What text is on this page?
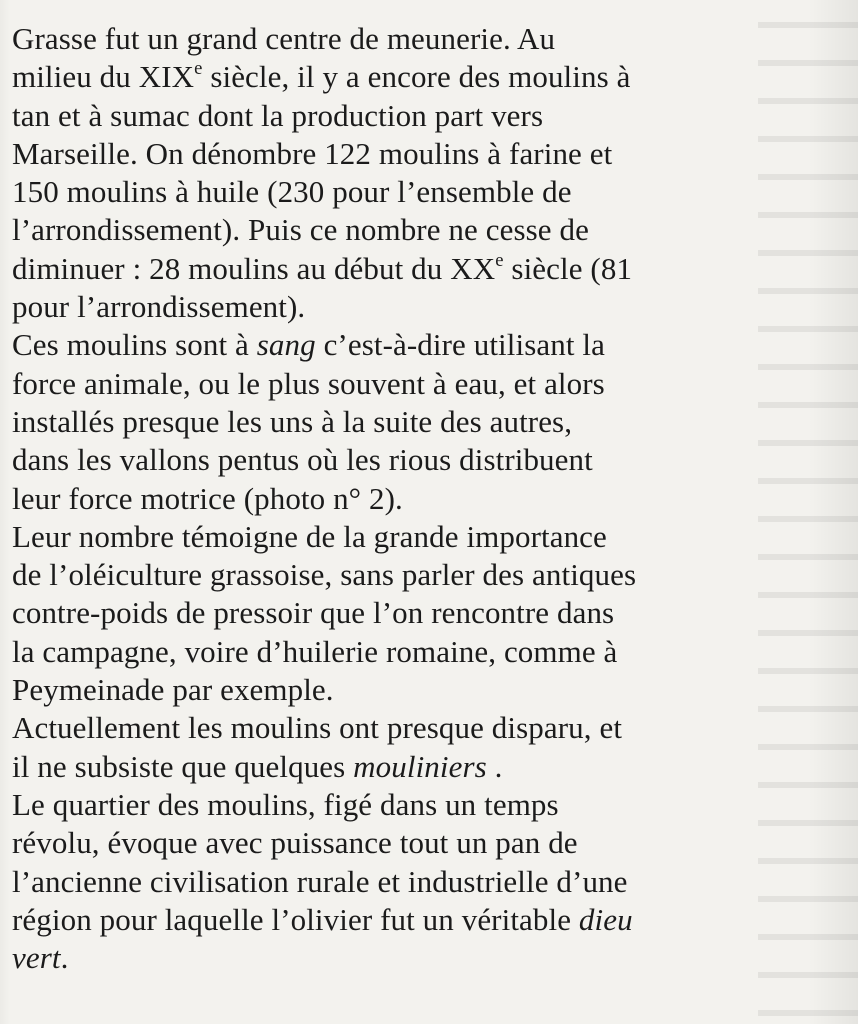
Grasse fut un grand centre de meunerie. Au
milieu du XIXe siècle, il y a encore des moulins à
tan et à sumac dont la production part vers
Marseille. On dénombre 122 moulins à farine et
150 moulins à huile (230 pour l’ensemble de
l’arrondissement). Puis ce nombre ne cesse de
diminuer : 28 moulins au début du XXe siècle (81
pour l’arrondissement).
Ces moulins sont à sang c’est-à-dire utilisant la
force animale, ou le plus souvent à eau, et alors
installés presque les uns à la suite des autres,
dans les vallons pentus où les rious distribuent
leur force motrice (photo n° 2).
Leur nombre témoigne de la grande importance
de l’oléiculture grassoise, sans parler des antiques
contre-poids de pressoir que l’on rencontre dans
la campagne, voire d’huilerie romaine, comme à
Peymeinade par exemple.
Actuellement les moulins ont presque disparu, et
il ne subsiste que quelques mouliniers .
Le quartier des moulins, figé dans un temps
révolu, évoque avec puissance tout un pan de
l’ancienne civilisation rurale et industrielle d’une
région pour laquelle l’olivier fut un véritable dieu
vert.
